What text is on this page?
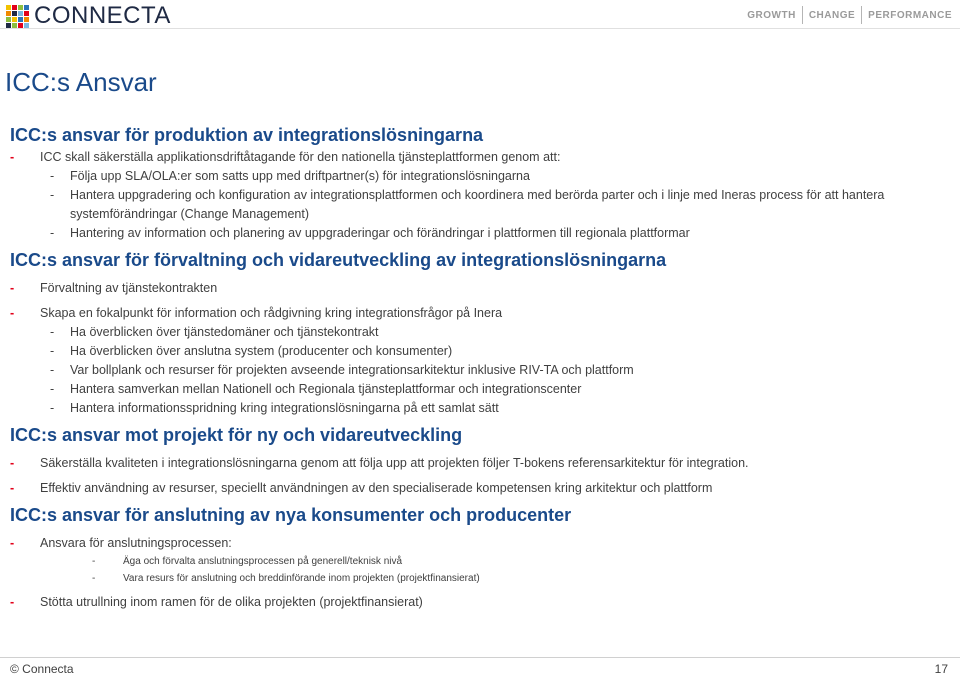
CONNECTA	GROWTH CHANGE PERFORMANCE
ICC:s Ansvar
ICC:s ansvar för produktion av integrationslösningarna
- ICC skall säkerställa applikationsdriftåtagande för den nationella tjänsteplattformen genom att:
- Följa upp SLA/OLA:er som satts upp med driftpartner(s) för integrationslösningarna
- Hantera uppgradering och konfiguration av integrationsplattformen och koordinera med berörda parter och i linje med Ineras process för att hantera systemförändringar (Change Management)
- Hantering av information och planering av uppgraderingar och förändringar i plattformen till regionala plattformar
ICC:s ansvar för förvaltning och vidareutveckling av integrationslösningarna
- Förvaltning av tjänstekontrakten
- Skapa en fokalpunkt för information och rådgivning kring integrationsfrågor på Inera
- Ha överblicken över tjänstedomäner och tjänstekontrakt
- Ha överblicken över anslutna system (producenter och konsumenter)
- Var bollplank och resurser för projekten avseende integrationsarkitektur inklusive RIV-TA och plattform
- Hantera samverkan mellan Nationell och Regionala tjänsteplattformar och integrationscenter
- Hantera informationsspridning kring integrationslösningarna på ett samlat sätt
ICC:s ansvar mot projekt för ny och vidareutveckling
- Säkerställa kvaliteten i integrationslösningarna genom att följa upp att projekten följer T-bokens referensarkitektur för integration.
- Effektiv användning av resurser, speciellt användningen av den specialiserade kompetensen kring arkitektur och plattform
ICC:s ansvar för anslutning av nya konsumenter och producenter
- Ansvara för anslutningsprocessen:
-	Äga och förvalta anslutningsprocessen på generell/teknisk nivå
-	Vara resurs för anslutning och breddinförande inom projekten (projektfinansierat)
- Stötta utrullning inom ramen för de olika projekten (projektfinansierat)
© Connecta	17
